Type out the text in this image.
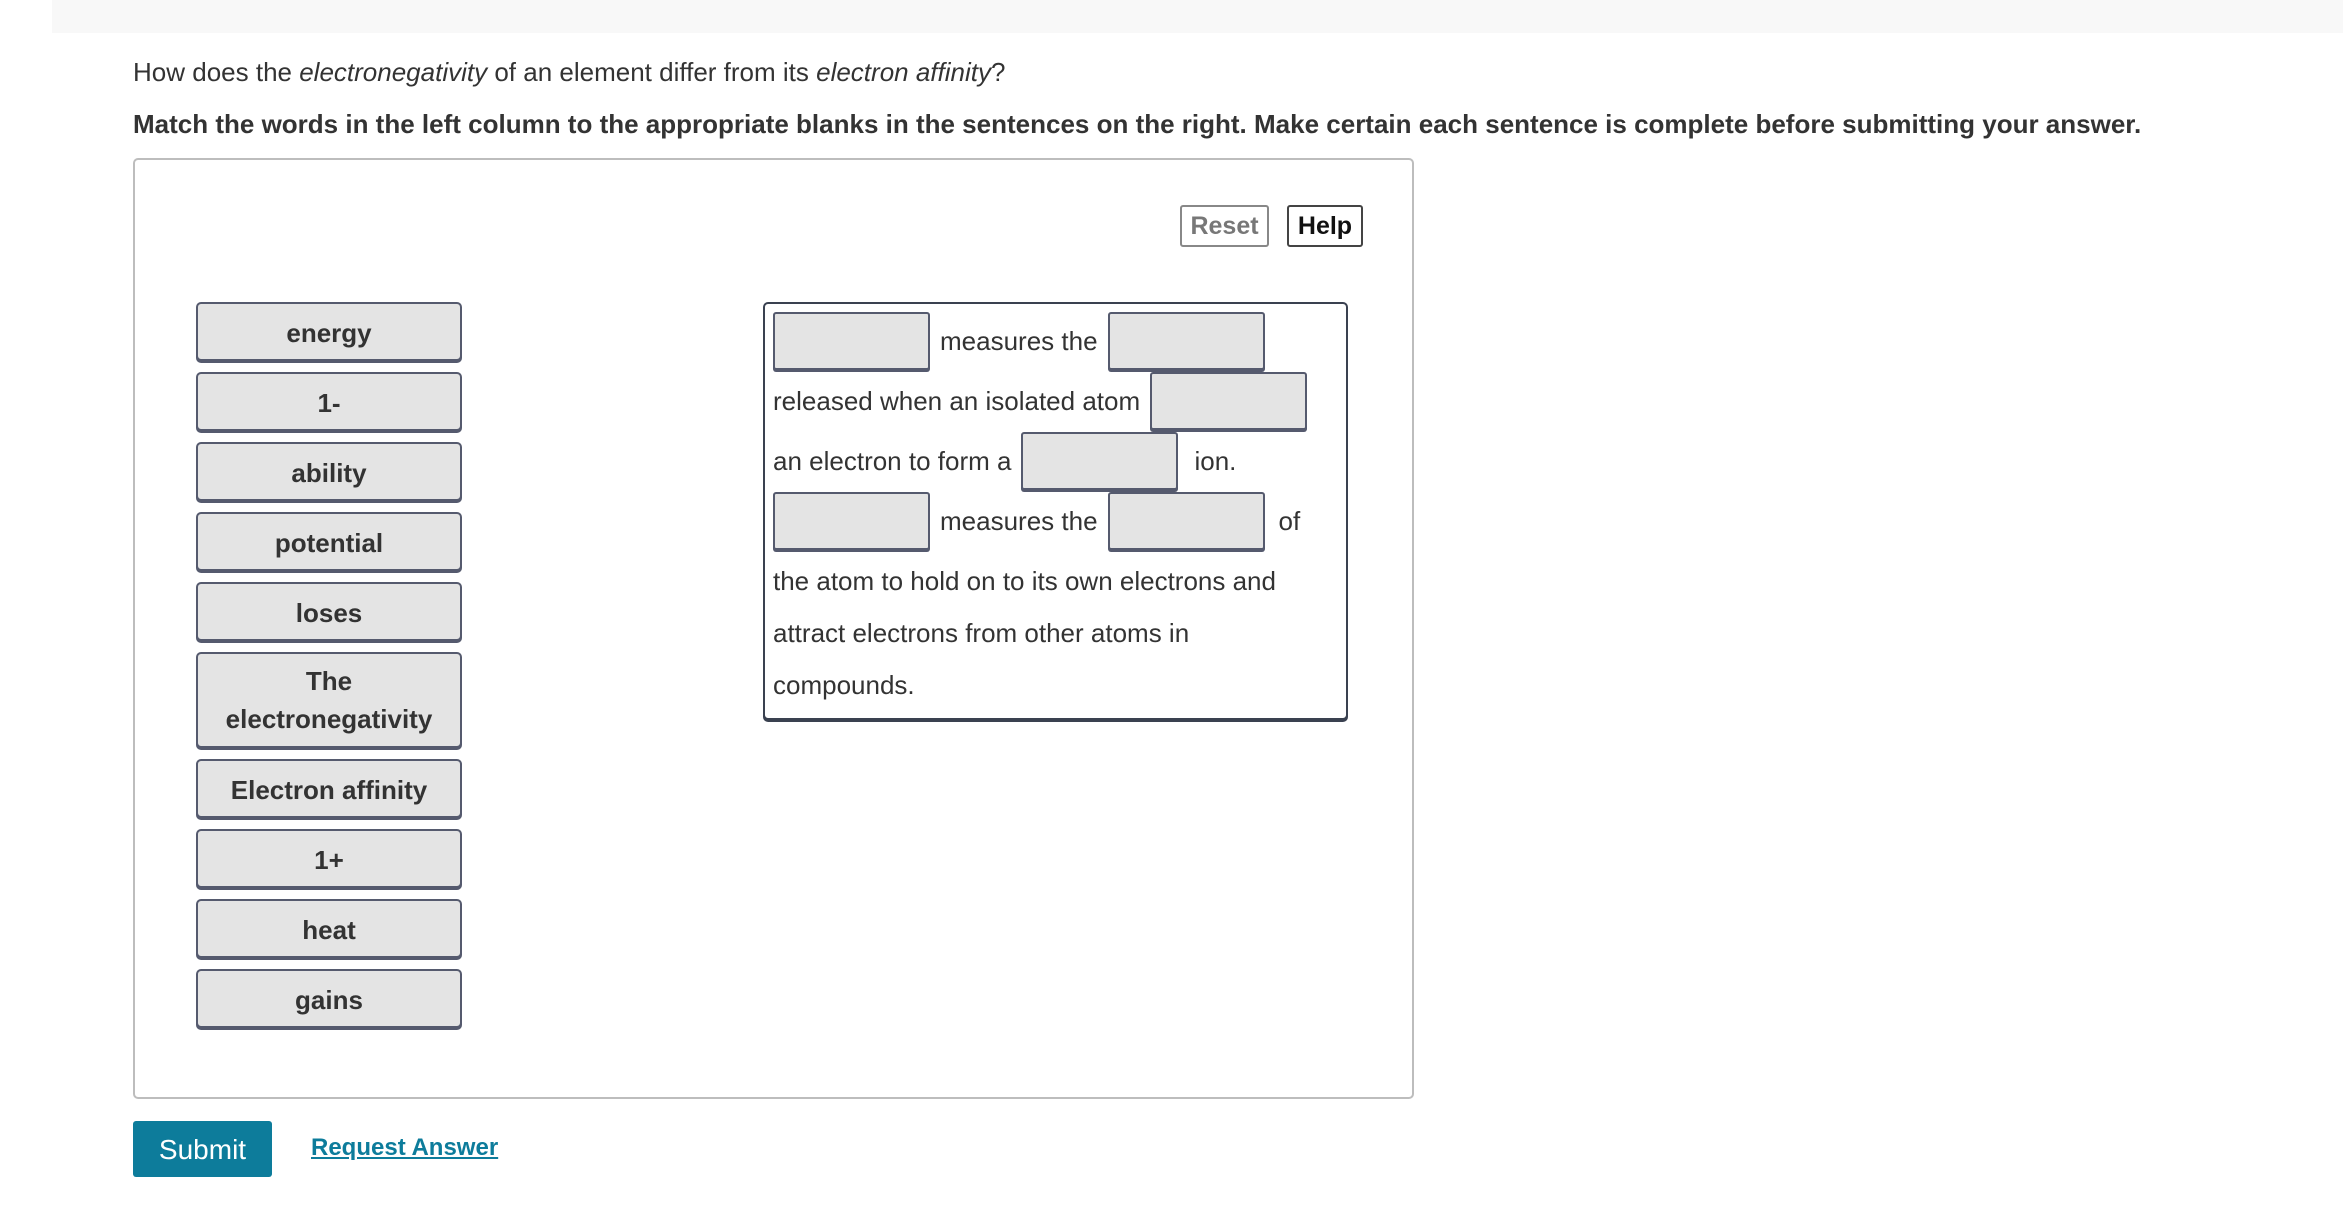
How does the electronegativity of an element differ from its electron affinity?
Match the words in the left column to the appropriate blanks in the sentences on the right. Make certain each sentence is complete before submitting your answer.
Reset	Help
energy
1-
ability
potential
loses
The
electronegativity
Electron affinity
1+
heat
gains
measures the
released when an isolated atom
an electron to form a	ion.
measures the	of
the atom to hold on to its own electrons and
attract electrons from other atoms in
compounds.
Submit	Request Answer
